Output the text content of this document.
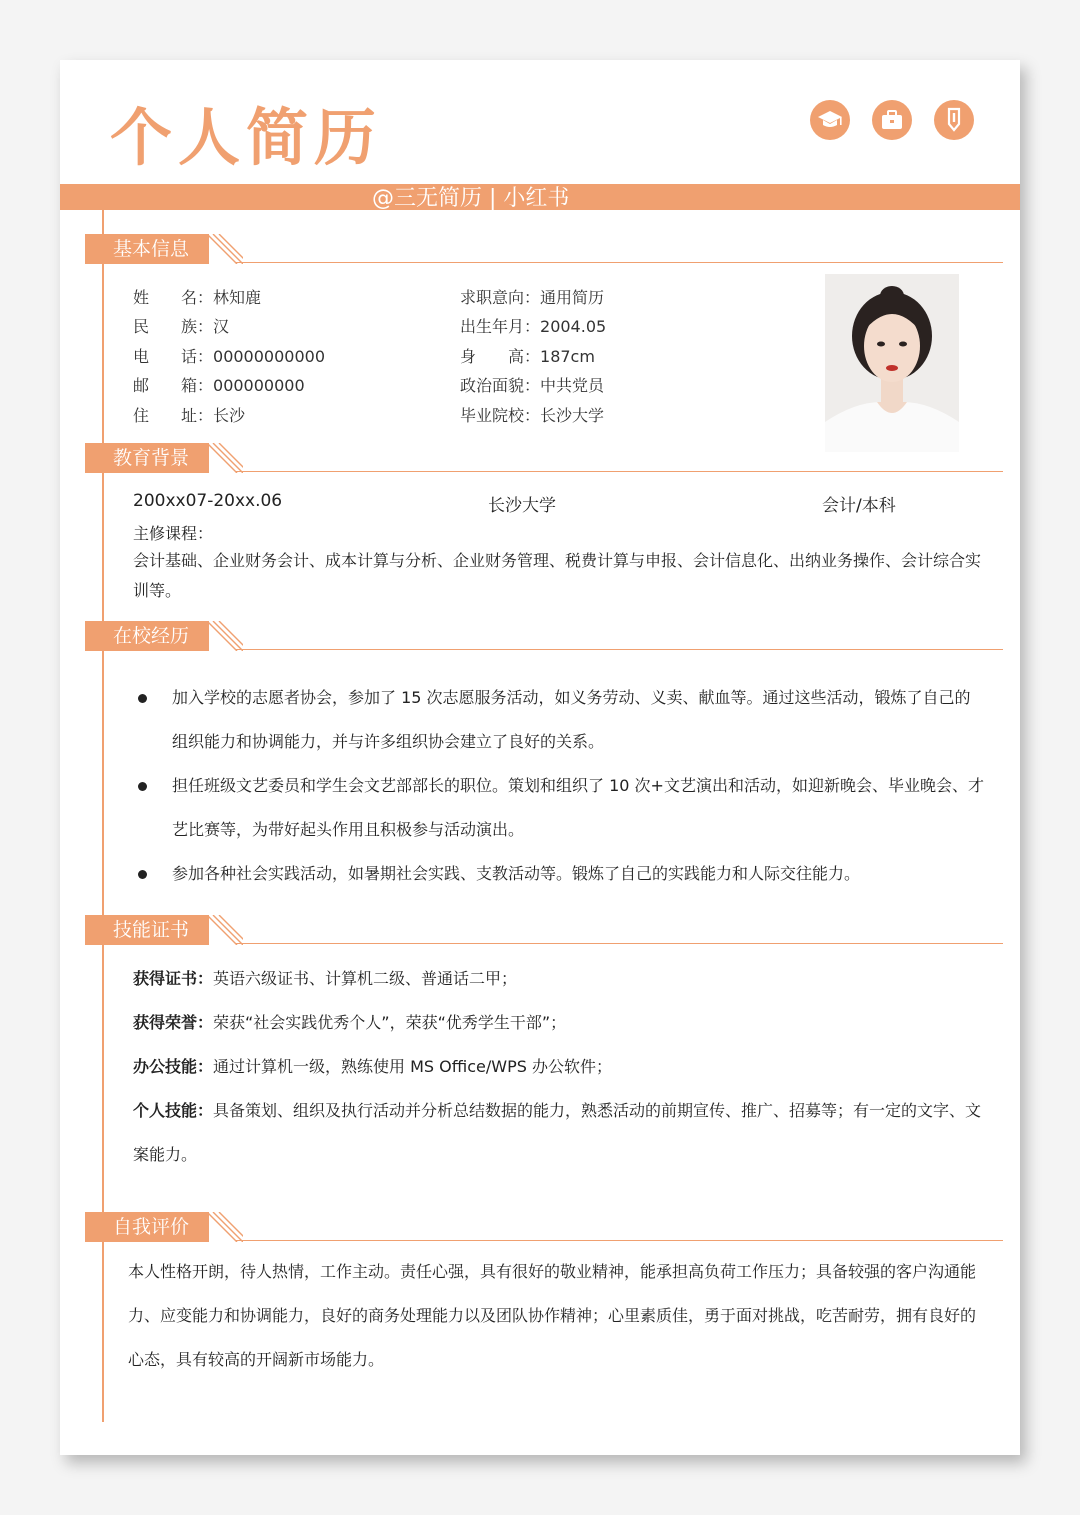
个人简历
@三无简历 | 小红书
基本信息
姓　　名：林知鹿
民　　族：汉
电　　话：00000000000
邮　　箱：000000000
住　　址：长沙
求职意向：通用简历
出生年月：2004.05
身　　高：187cm
政治面貌：中共党员
毕业院校：长沙大学
教育背景
200xx07-20xx.06	长沙大学	会计/本科
主修课程：
会计基础、企业财务会计、成本计算与分析、企业财务管理、税费计算与申报、会计信息化、出纳业务操作、会计综合实训等。
在校经历
加入学校的志愿者协会，参加了 15 次志愿服务活动，如义务劳动、义卖、献血等。通过这些活动，锻炼了自己的组织能力和协调能力，并与许多组织协会建立了良好的关系。
担任班级文艺委员和学生会文艺部部长的职位。策划和组织了 10 次+文艺演出和活动，如迎新晚会、毕业晚会、才艺比赛等，为带好起头作用且积极参与活动演出。
参加各种社会实践活动，如暑期社会实践、支教活动等。锻炼了自己的实践能力和人际交往能力。
技能证书
获得证书：英语六级证书、计算机二级、普通话二甲；
获得荣誉：荣获“社会实践优秀个人”，荣获“优秀学生干部”；
办公技能：通过计算机一级，熟练使用 MS Office/WPS 办公软件；
个人技能：具备策划、组织及执行活动并分析总结数据的能力，熟悉活动的前期宣传、推广、招募等；有一定的文字、文案能力。
自我评价
本人性格开朗，待人热情，工作主动。责任心强，具有很好的敬业精神，能承担高负荷工作压力；具备较强的客户沟通能力、应变能力和协调能力，良好的商务处理能力以及团队协作精神；心里素质佳，勇于面对挑战，吃苦耐劳，拥有良好的心态，具有较高的开阔新市场能力。
